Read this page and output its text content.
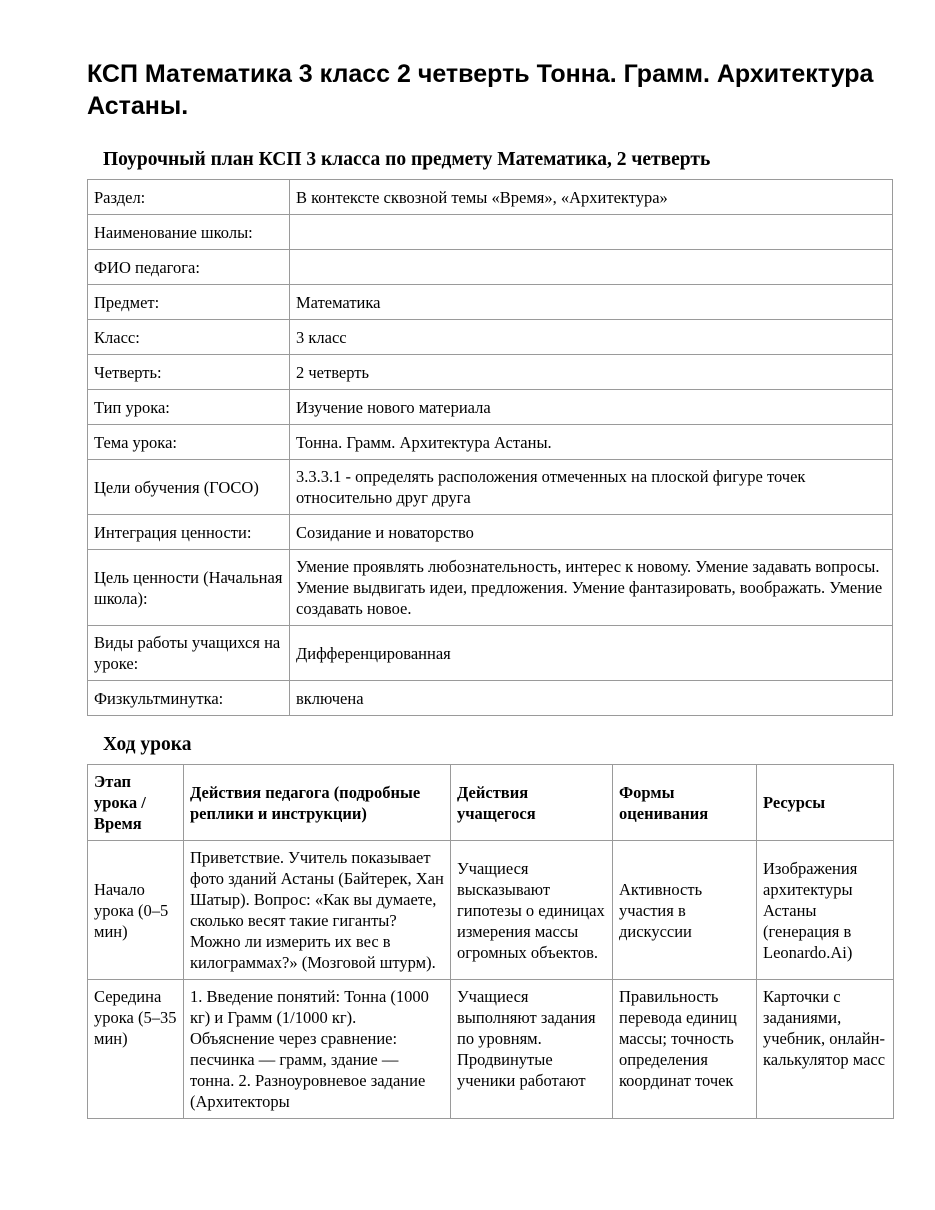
КСП Математика 3 класс 2 четверть Тонна. Грамм. Архитектура Астаны.
Поурочный план КСП 3 класса по предмету Математика, 2 четверть
Раздел:	В контексте сквозной темы «Время», «Архитектура»
Наименование школы:	
ФИО педагога:	
Предмет:	Математика
Класс:	3 класс
Четверть:	2 четверть
Тип урока:	Изучение нового материала
Тема урока:	Тонна. Грамм. Архитектура Астаны.
Цели обучения (ГОСО)	3.3.3.1 - определять расположения отмеченных на плоской фигуре точек относительно друг друга
Интеграция ценности:	Созидание и новаторство
Цель ценности (Начальная школа):	Умение проявлять любознательность, интерес к новому. Умение задавать вопросы. Умение выдвигать идеи, предложения. Умение фантазировать, воображать. Умение создавать новое.
Виды работы учащихся на уроке:	Дифференцированная
Физкультминутка:	включена
Ход урока
Этап урока / Время	Действия педагога (подробные реплики и инструкции)	Действия учащегося	Формы оценивания	Ресурсы
Начало урока (0–5 мин)	Приветствие. Учитель показывает фото зданий Астаны (Байтерек, Хан Шатыр). Вопрос: «Как вы думаете, сколько весят такие гиганты? Можно ли измерить их вес в килограммах?» (Мозговой штурм).	Учащиеся высказывают гипотезы о единицах измерения массы огромных объектов.	Активность участия в дискуссии	Изображения архитектуры Астаны (генерация в Leonardo.Ai)
Середина урока (5–35 мин)	1. Введение понятий: Тонна (1000 кг) и Грамм (1/1000 кг). Объяснение через сравнение: песчинка — грамм, здание — тонна. 2. Разноуровневое задание (Архитекторы	Учащиеся выполняют задания по уровням. Продвинутые ученики работают	Правильность перевода единиц массы; точность определения координат точек	Карточки с заданиями, учебник, онлайн-калькулятор масс
